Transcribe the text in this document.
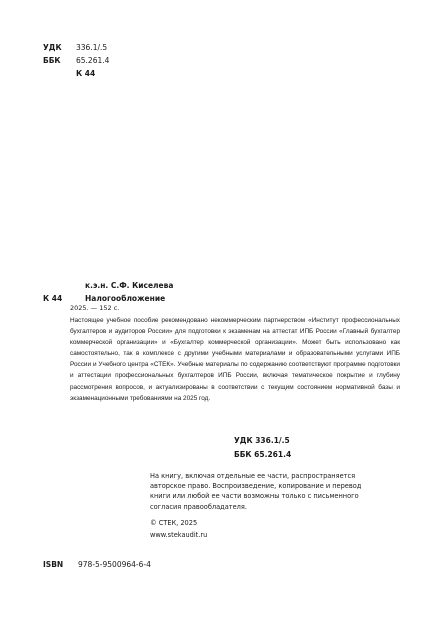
УДК 336.1/.5
ББК 65.261.4
К 44
к.э.н. С.Ф. Киселева
К 44	Налогообложение
2025. — 152 с.

Настоящее учебное пособие рекомендовано некоммерческим партнерством «Институт профессиональных бухгалтеров и аудиторов России» для подготовки к экзаменам на аттестат ИПБ России «Главный бухгалтер коммерческой организации» и «Бухгалтер коммерческой организации». Может быть использовано как самостоятельно, так в комплексе с другими учебными материалами и образовательными услугами ИПБ России и Учебного центра «СТЕК». Учебные материалы по содержанию соответствуют программе подготовки и аттестации профессиональных бухгалтеров ИПБ России, включая тематическое покрытие и глубину рассмотрения вопросов, и актуализированы в соответствии с текущим состоянием нормативной базы и экзаменационными требованиями на 2025 год.

УДК 336.1/.5
ББК 65.261.4

На книгу, включая отдельные ее части, распространяется авторское право. Воспроизведение, копирование и перевод книги или любой ее части возможны только с письменного согласия правообладателя.

© СТЕК, 2025
www.stekaudit.ru
ISBN 978-5-9500964-6-4
